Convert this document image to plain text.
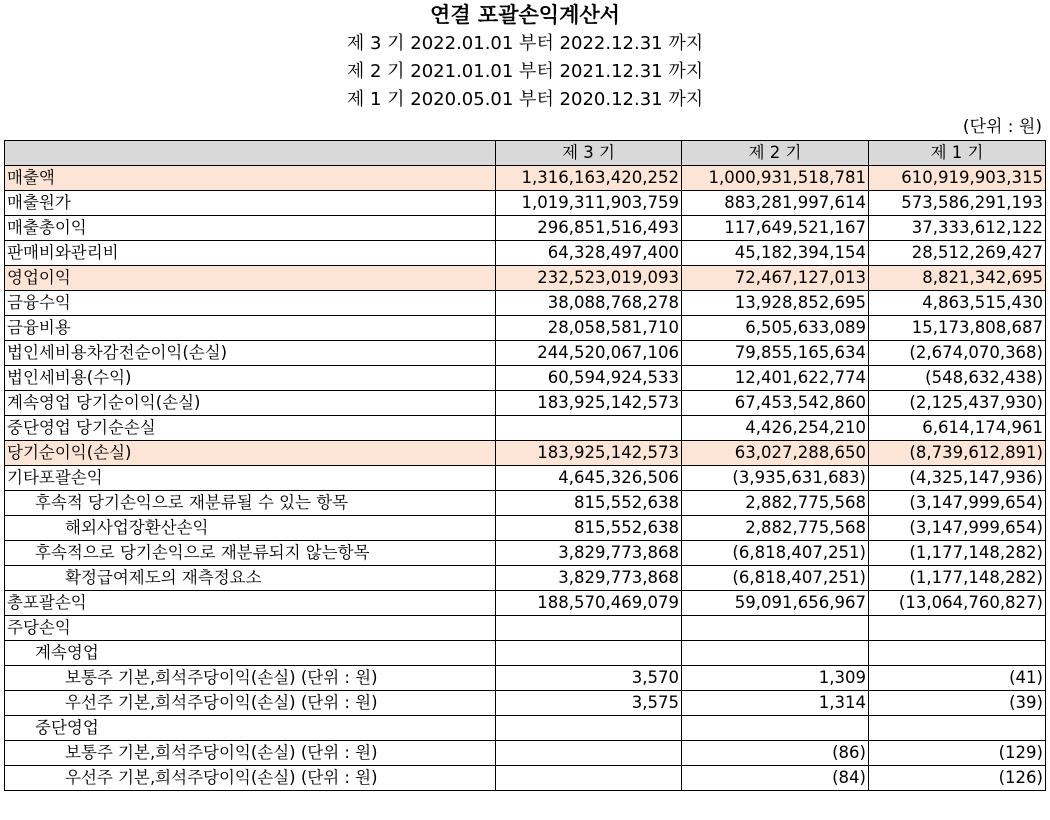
연결 포괄손익계산서
제 3 기 2022.01.01 부터 2022.12.31 까지
제 2 기 2021.01.01 부터 2021.12.31 까지
제 1 기 2020.05.01 부터 2020.12.31 까지
(단위 : 원)
	제 3 기	제 2 기	제 1 기
매출액	1,316,163,420,252	1,000,931,518,781	610,919,903,315
매출원가	1,019,311,903,759	883,281,997,614	573,586,291,193
매출총이익	296,851,516,493	117,649,521,167	37,333,612,122
판매비와관리비	64,328,497,400	45,182,394,154	28,512,269,427
영업이익	232,523,019,093	72,467,127,013	8,821,342,695
금융수익	38,088,768,278	13,928,852,695	4,863,515,430
금융비용	28,058,581,710	6,505,633,089	15,173,808,687
법인세비용차감전순이익(손실)	244,520,067,106	79,855,165,634	(2,674,070,368)
법인세비용(수익)	60,594,924,533	12,401,622,774	(548,632,438)
계속영업 당기순이익(손실)	183,925,142,573	67,453,542,860	(2,125,437,930)
중단영업 당기순손실		4,426,254,210	6,614,174,961
당기순이익(손실)	183,925,142,573	63,027,288,650	(8,739,612,891)
기타포괄손익	4,645,326,506	(3,935,631,683)	(4,325,147,936)
후속적 당기손익으로 재분류될 수 있는 항목	815,552,638	2,882,775,568	(3,147,999,654)
해외사업장환산손익	815,552,638	2,882,775,568	(3,147,999,654)
후속적으로 당기손익으로 재분류되지 않는항목	3,829,773,868	(6,818,407,251)	(1,177,148,282)
확정급여제도의 재측정요소	3,829,773,868	(6,818,407,251)	(1,177,148,282)
총포괄손익	188,570,469,079	59,091,656,967	(13,064,760,827)
주당손익			
계속영업			
보통주 기본,희석주당이익(손실) (단위 : 원)	3,570	1,309	(41)
우선주 기본,희석주당이익(손실) (단위 : 원)	3,575	1,314	(39)
중단영업			
보통주 기본,희석주당이익(손실) (단위 : 원)		(86)	(129)
우선주 기본,희석주당이익(손실) (단위 : 원)		(84)	(126)
